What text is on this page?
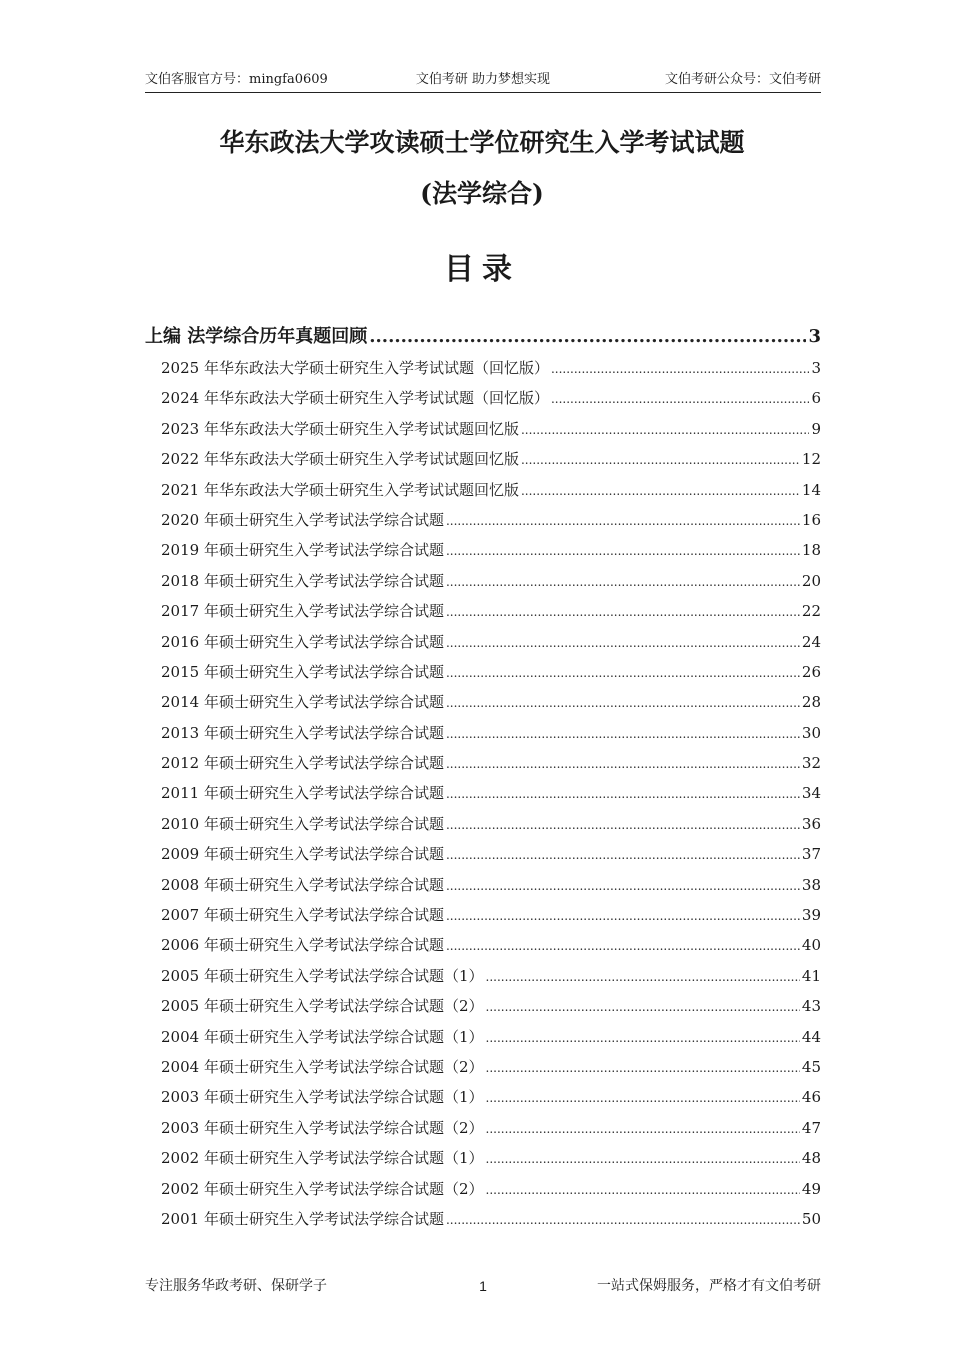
文伯客服官方号：mingfa0609	文伯考研 助力梦想实现	文伯考研公众号：文伯考研
华东政法大学攻读硕士学位研究生入学考试试题
(法学综合)
目录
上编 法学综合历年真题回顾 .....	3
2025 年华东政法大学硕士研究生入学考试试题（回忆版） .....	3
2024 年华东政法大学硕士研究生入学考试试题（回忆版） .....	6
2023 年华东政法大学硕士研究生入学考试试题回忆版 .....	9
2022 年华东政法大学硕士研究生入学考试试题回忆版 .....	12
2021 年华东政法大学硕士研究生入学考试试题回忆版 .....	14
2020 年硕士研究生入学考试法学综合试题 .....	16
2019 年硕士研究生入学考试法学综合试题 .....	18
2018 年硕士研究生入学考试法学综合试题 .....	20
2017 年硕士研究生入学考试法学综合试题 .....	22
2016 年硕士研究生入学考试法学综合试题 .....	24
2015 年硕士研究生入学考试法学综合试题 .....	26
2014 年硕士研究生入学考试法学综合试题 .....	28
2013 年硕士研究生入学考试法学综合试题 .....	30
2012 年硕士研究生入学考试法学综合试题 .....	32
2011 年硕士研究生入学考试法学综合试题 .....	34
2010 年硕士研究生入学考试法学综合试题 .....	36
2009 年硕士研究生入学考试法学综合试题 .....	37
2008 年硕士研究生入学考试法学综合试题 .....	38
2007 年硕士研究生入学考试法学综合试题 .....	39
2006 年硕士研究生入学考试法学综合试题 .....	40
2005 年硕士研究生入学考试法学综合试题（1） .....	41
2005 年硕士研究生入学考试法学综合试题（2） .....	43
2004 年硕士研究生入学考试法学综合试题（1） .....	44
2004 年硕士研究生入学考试法学综合试题（2） .....	45
2003 年硕士研究生入学考试法学综合试题（1） .....	46
2003 年硕士研究生入学考试法学综合试题（2） .....	47
2002 年硕士研究生入学考试法学综合试题（1） .....	48
2002 年硕士研究生入学考试法学综合试题（2） .....	49
2001 年硕士研究生入学考试法学综合试题 .....	50
专注服务华政考研、保研学子	1	一站式保姆服务，严格才有文伯考研
